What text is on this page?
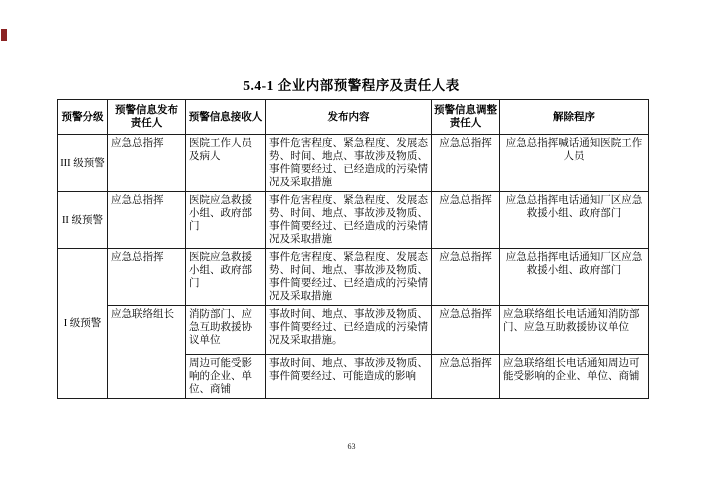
5.4-1 企业内部预警程序及责任人表
预警分级	预警信息发布责任人	预警信息接收人	发布内容	预警信息调整责任人	解除程序
III 级预警	应急总指挥	医院工作人员及病人	事件危害程度、紧急程度、发展态势、时间、地点、事故涉及物质、事件简要经过、已经造成的污染情况及采取措施	应急总指挥	应急总指挥喊话通知医院工作人员
II 级预警	应急总指挥	医院应急救援小组、政府部门	事件危害程度、紧急程度、发展态势、时间、地点、事故涉及物质、事件简要经过、已经造成的污染情况及采取措施	应急总指挥	应急总指挥电话通知厂区应急救援小组、政府部门
I 级预警	应急总指挥	医院应急救援小组、政府部门	事件危害程度、紧急程度、发展态势、时间、地点、事故涉及物质、事件简要经过、已经造成的污染情况及采取措施	应急总指挥	应急总指挥电话通知厂区应急救援小组、政府部门
	应急联络组长	消防部门、应急互助救援协议单位	事故时间、地点、事故涉及物质、事件简要经过、已经造成的污染情况及采取措施。	应急总指挥	应急联络组长电话通知消防部门、应急互助救援协议单位
		周边可能受影响的企业、单位、商铺	事故时间、地点、事故涉及物质、事件简要经过、可能造成的影响	应急总指挥	应急联络组长电话通知周边可能受影响的企业、单位、商铺
63
